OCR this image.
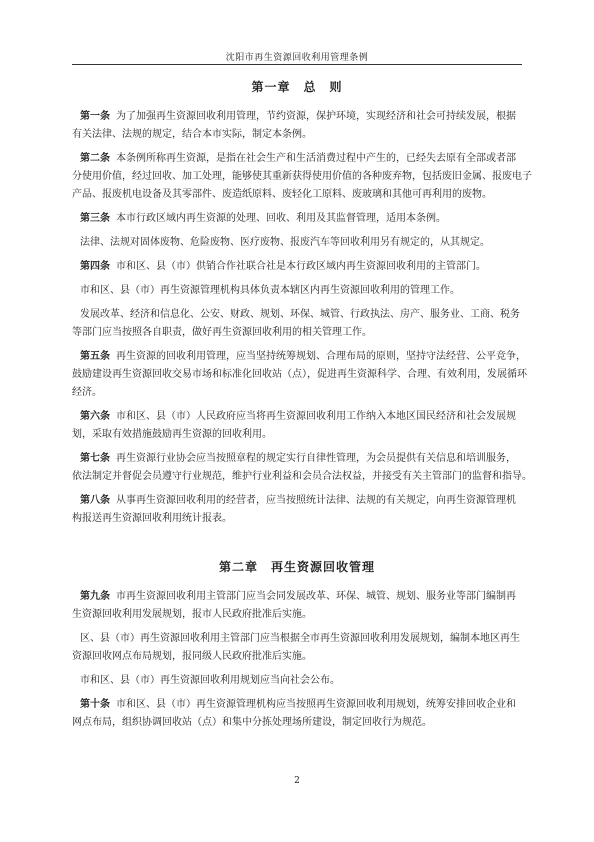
沈阳市再生资源回收利用管理条例
第一章　总　则
第一条 为了加强再生资源回收利用管理，节约资源，保护环境，实现经济和社会可持续发展，根据
有关法律、法规的规定，结合本市实际，制定本条例。
第二条 本条例所称再生资源，是指在社会生产和生活消费过程中产生的，已经失去原有全部或者部
分使用价值，经过回收、加工处理，能够使其重新获得使用价值的各种废弃物，包括废旧金属、报废电子
产品、报废机电设备及其零部件、废造纸原料、废轻化工原料、废玻璃和其他可再利用的废物。
第三条 本市行政区域内再生资源的处理、回收、利用及其监督管理，适用本条例。
法律、法规对固体废物、危险废物、医疗废物、报废汽车等回收利用另有规定的，从其规定。
第四条 市和区、县（市）供销合作社联合社是本行政区域内再生资源回收利用的主管部门。
市和区、县（市）再生资源管理机构具体负责本辖区内再生资源回收利用的管理工作。
发展改革、经济和信息化、公安、财政、规划、环保、城管、行政执法、房产、服务业、工商、税务
等部门应当按照各自职责，做好再生资源回收利用的相关管理工作。
第五条 再生资源的回收利用管理，应当坚持统筹规划、合理布局的原则，坚持守法经营、公平竞争，
鼓励建设再生资源回收交易市场和标准化回收站（点），促进再生资源科学、合理、有效利用，发展循环
经济。
第六条 市和区、县（市）人民政府应当将再生资源回收利用工作纳入本地区国民经济和社会发展规
划，采取有效措施鼓励再生资源的回收利用。
第七条 再生资源行业协会应当按照章程的规定实行自律性管理，为会员提供有关信息和培训服务，
依法制定并督促会员遵守行业规范，维护行业利益和会员合法权益，并接受有关主管部门的监督和指导。
第八条 从事再生资源回收利用的经营者，应当按照统计法律、法规的有关规定，向再生资源管理机
构报送再生资源回收利用统计报表。
第二章　再生资源回收管理
第九条 市再生资源回收利用主管部门应当会同发展改革、环保、城管、规划、服务业等部门编制再
生资源回收利用发展规划，报市人民政府批准后实施。
区、县（市）再生资源回收利用主管部门应当根据全市再生资源回收利用发展规划，编制本地区再生
资源回收网点布局规划，报同级人民政府批准后实施。
市和区、县（市）再生资源回收利用规划应当向社会公布。
第十条 市和区、县（市）再生资源管理机构应当按照再生资源回收利用规划，统筹安排回收企业和
网点布局，组织协调回收站（点）和集中分拣处理场所建设，制定回收行为规范。
2
